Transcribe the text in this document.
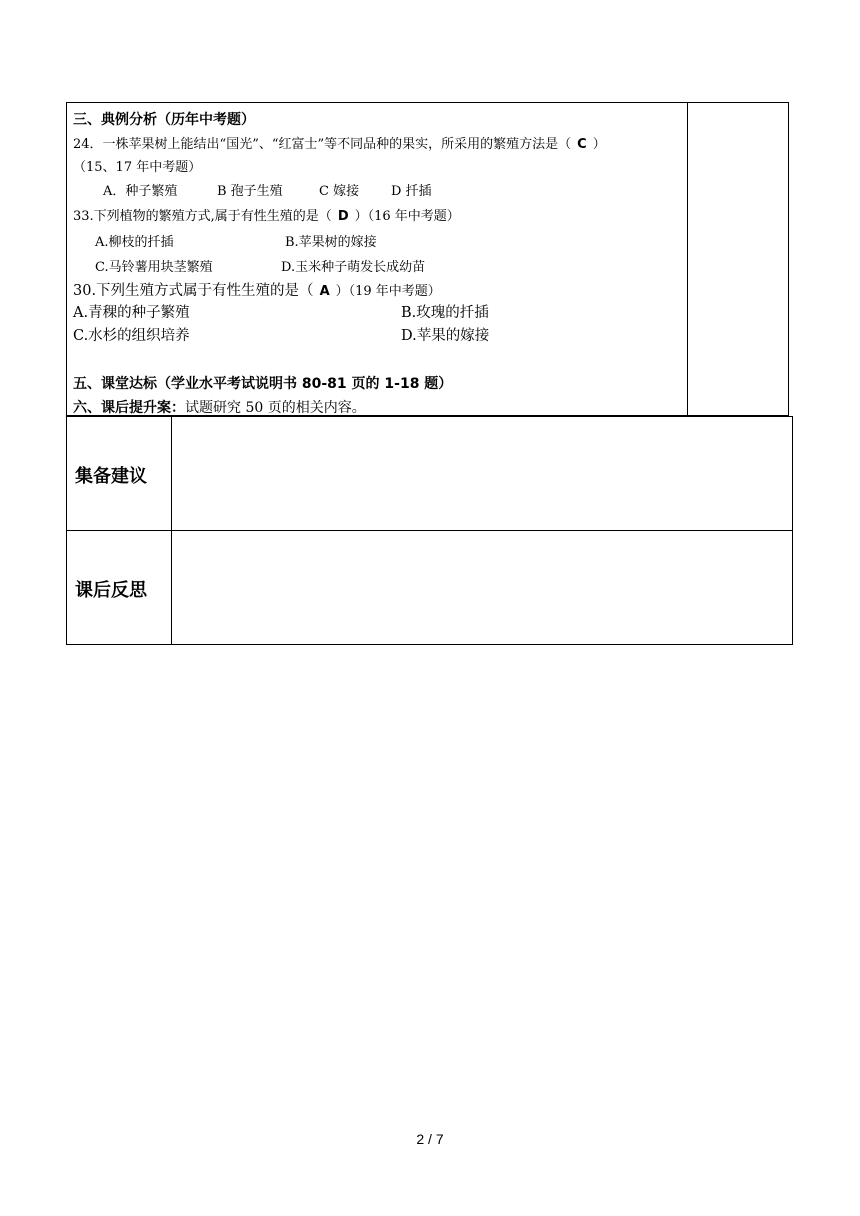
三、典例分析（历年中考题）
24．一株苹果树上能结出“国光”、“红富士”等不同品种的果实，所采用的繁殖方法是（ C ）
（15、17 年中考题）
A．种子繁殖	B 孢子生殖	C 嫁接 D 扦插
33.下列植物的繁殖方式,属于有性生殖的是（ D ）（16 年中考题）
A.柳枝的扦插	B.苹果树的嫁接
C.马铃薯用块茎繁殖	D.玉米种子萌发长成幼苗
30.下列生殖方式属于有性生殖的是（ A ）（19 年中考题）
A.青稞的种子繁殖	B.玫瑰的扦插
C.水杉的组织培养	D.苹果的嫁接
五、课堂达标（学业水平考试说明书 80-81 页的 1-18 题）
六、课后提升案：试题研究 50 页的相关内容。
集备建议
课后反思
2 / 7
